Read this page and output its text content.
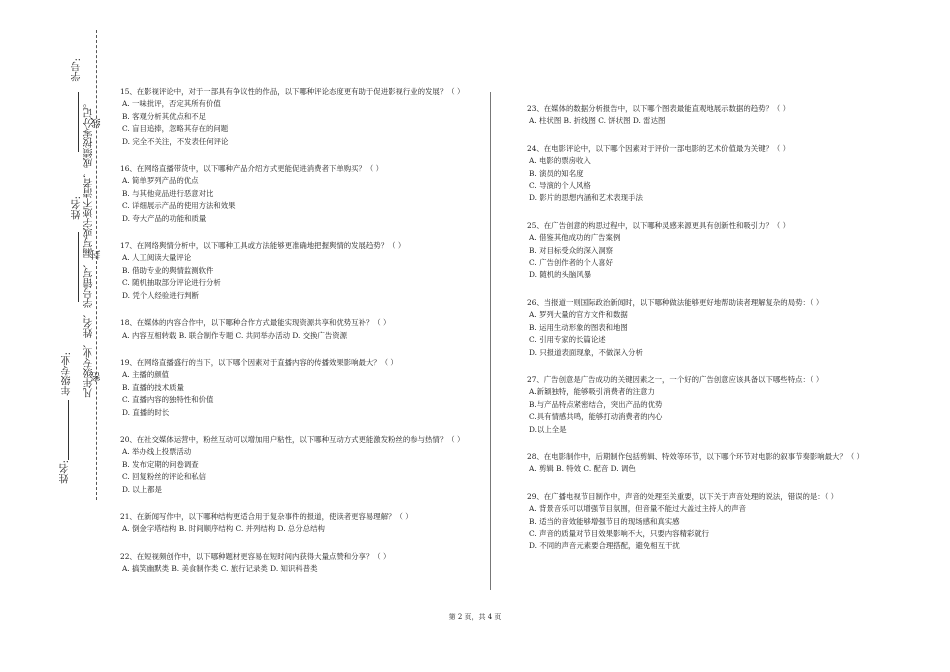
学号:
姓名: 凡年级专业、姓名、学号错写、漏写或字迹不清者，成绩按零分记。
线
封
密
年级专业:
姓名:
15、在影视评论中，对于一部具有争议性的作品，以下哪种评论态度更有助于促进影视行业的发展？（ ）
A. 一味批评，否定其所有价值
B. 客观分析其优点和不足
C. 盲目追捧，忽略其存在的问题
D. 完全不关注，不发表任何评论
16、在网络直播带货中，以下哪种产品介绍方式更能促进消费者下单购买？（ ）
A. 简单罗列产品的优点
B. 与其他竞品进行恶意对比
C. 详细展示产品的使用方法和效果
D. 夸大产品的功能和质量
17、在网络舆情分析中，以下哪种工具或方法能够更准确地把握舆情的发展趋势？（ ）
A. 人工阅读大量评论
B. 借助专业的舆情监测软件
C. 随机抽取部分评论进行分析
D. 凭个人经验进行判断
18、在媒体的内容合作中，以下哪种合作方式最能实现资源共享和优势互补？（ ）
A. 内容互相转载 B. 联合制作专题 C. 共同举办活动 D. 交换广告资源
19、在网络直播盛行的当下，以下哪个因素对于直播内容的传播效果影响最大？（ ）
A. 主播的颜值
B. 直播的技术质量
C. 直播内容的独特性和价值
D. 直播的时长
20、在社交媒体运营中，粉丝互动可以增加用户粘性，以下哪种互动方式更能激发粉丝的参与热情？（ ）
A. 举办线上投票活动
B. 发布定期的问卷调查
C. 回复粉丝的评论和私信
D. 以上都是
21、在新闻写作中，以下哪种结构更适合用于复杂事件的报道，使读者更容易理解？（ ）
A. 倒金字塔结构 B. 时间顺序结构 C. 并列结构 D. 总分总结构
22、在短视频创作中，以下哪种题材更容易在短时间内获得大量点赞和分享？（ ）
A. 搞笑幽默类 B. 美食制作类 C. 旅行记录类 D. 知识科普类
23、在媒体的数据分析报告中，以下哪个图表最能直观地展示数据的趋势？（ ）
A. 柱状图 B. 折线图 C. 饼状图 D. 雷达图
24、在电影评论中，以下哪个因素对于评价一部电影的艺术价值最为关键？（ ）
A. 电影的票房收入
B. 演员的知名度
C. 导演的个人风格
D. 影片的思想内涵和艺术表现手法
25、在广告创意的构思过程中，以下哪种灵感来源更具有创新性和吸引力？（ ）
A. 借鉴其他成功的广告案例
B. 对目标受众的深入洞察
C. 广告创作者的个人喜好
D. 随机的头脑风暴
26、当报道一则国际政治新闻时，以下哪种做法能够更好地帮助读者理解复杂的局势：（ ）
A. 罗列大量的官方文件和数据
B. 运用生动形象的图表和地图
C. 引用专家的长篇论述
D. 只报道表面现象，不做深入分析
27、广告创意是广告成功的关键因素之一，一个好的广告创意应该具备以下哪些特点：（ ）
A.新颖独特，能够吸引消费者的注意力
B.与产品特点紧密结合，突出产品的优势
C.具有情感共鸣，能够打动消费者的内心
D.以上全是
28、在电影制作中，后期制作包括剪辑、特效等环节，以下哪个环节对电影的叙事节奏影响最大？（ ）
A. 剪辑 B. 特效 C. 配音 D. 调色
29、在广播电视节目制作中，声音的处理至关重要，以下关于声音处理的说法，错误的是：（ ）
A. 背景音乐可以增强节目氛围，但音量不能过大盖过主持人的声音
B. 适当的音效能够增强节目的现场感和真实感
C. 声音的质量对节目效果影响不大，只要内容精彩就行
D. 不同的声音元素要合理搭配，避免相互干扰
第 2 页，共 4 页
